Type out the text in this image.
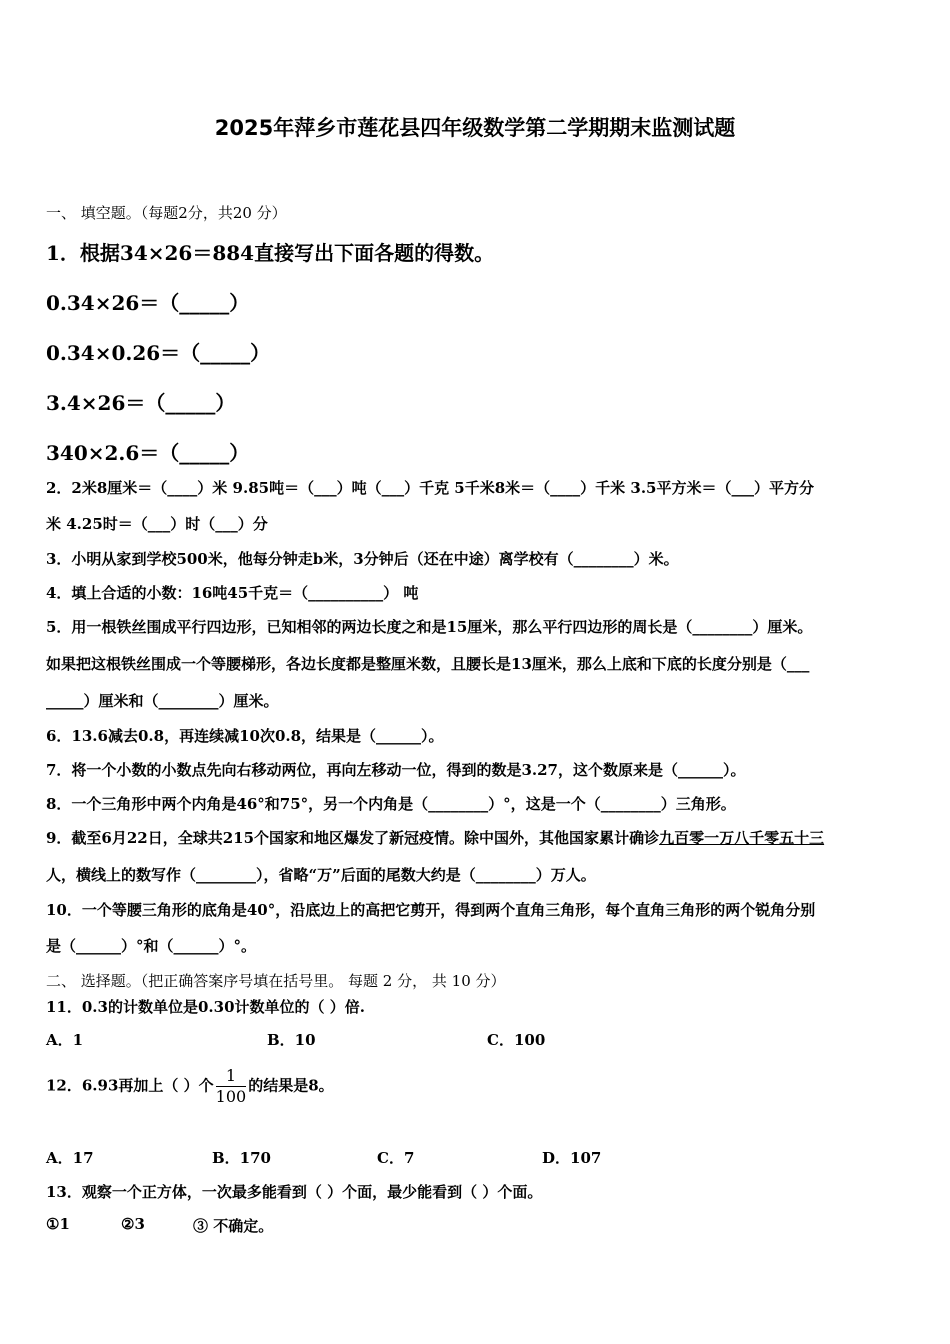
2025年萍乡市莲花县四年级数学第二学期期末监测试题
一、 填空题。（每题2分，共20 分）
1．根据34×26＝884直接写出下面各题的得数。
0.34×26＝（_____）
0.34×0.26＝（_____）
3.4×26＝（_____）
340×2.6＝（_____）
2．2米8厘米＝（____）米 9.85吨＝（___）吨（___）千克 5千米8米＝（____）千米 3.5平方米＝（___）平方分
米 4.25时＝（___）时（___）分
3．小明从家到学校500米，他每分钟走b米，3分钟后（还在中途）离学校有（________）米。
4．填上合适的小数：16吨45千克＝（__________） 吨
5．用一根铁丝围成平行四边形，已知相邻的两边长度之和是15厘米，那么平行四边形的周长是（________）厘米。
如果把这根铁丝围成一个等腰梯形，各边长度都是整厘米数，且腰长是13厘米，那么上底和下底的长度分别是（___
_____）厘米和（________）厘米。
6．13.6减去0.8，再连续减10次0.8，结果是（______）。
7．将一个小数的小数点先向右移动两位，再向左移动一位，得到的数是3.27，这个数原来是（______）。
8．一个三角形中两个内角是46°和75°，另一个内角是（________）°，这是一个（________）三角形。
9．截至6月22日，全球共215个国家和地区爆发了新冠疫情。除中国外，其他国家累计确诊九百零一万八千零五十三
人，横线上的数写作（________），省略“万”后面的尾数大约是（________）万人。
10．一个等腰三角形的底角是40°，沿底边上的高把它剪开，得到两个直角三角形，每个直角三角形的两个锐角分别
是（______）°和（______）°。
二、 选择题。（把正确答案序号填在括号里。 每题 2 分， 共 10 分）
11．0.3的计数单位是0.30计数单位的（ ）倍.
A．1	B．10	C．100
12．6.93再加上（ ）个 $\frac{1}{100}$ 的结果是8。
A．17	B．170	C．7	D．107
13．观察一个正方体，一次最多能看到（ ）个面，最少能看到（ ）个面。
①1	②3	③ 不确定。
